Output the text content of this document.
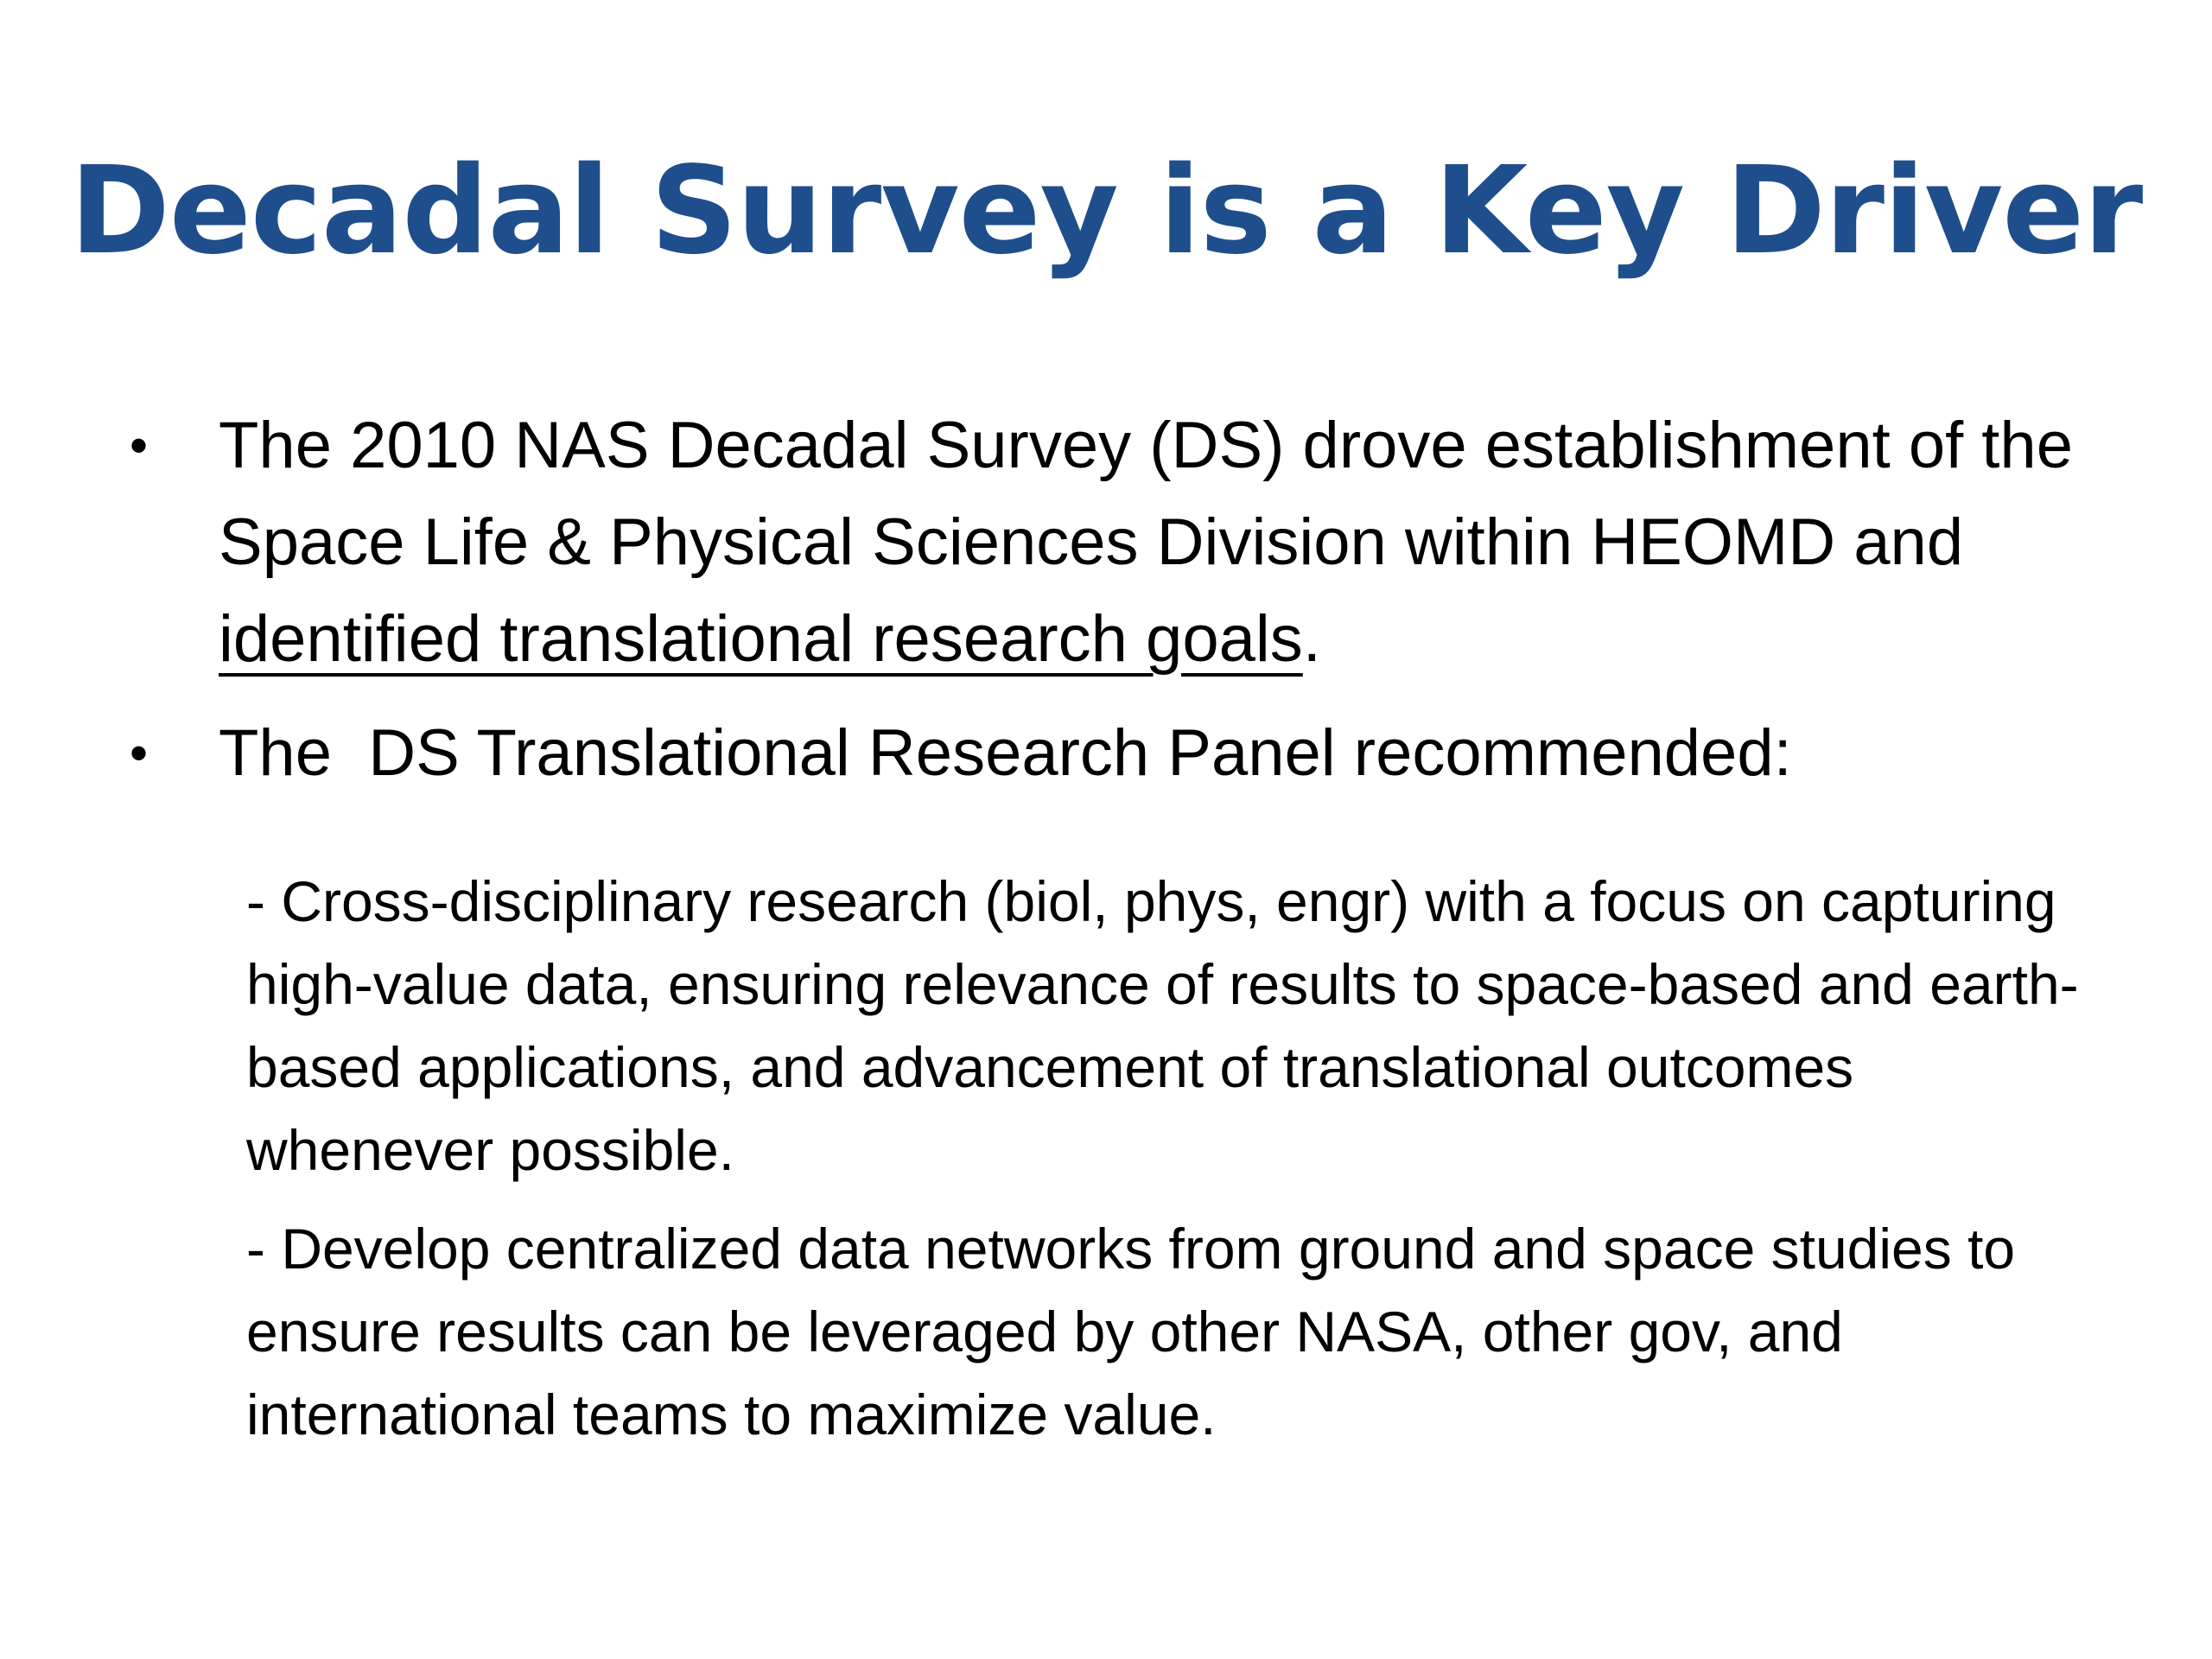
Decadal Survey is a Key Driver
• The 2010 NAS Decadal Survey (DS) drove establishment of the Space Life & Physical Sciences Division within HEOMD and identified translational research goals.
• The  DS Translational Research Panel recommended:

- Cross-disciplinary research (biol, phys, engr) with a focus on capturing high-value data, ensuring relevance of results to space-based and earth-based applications, and advancement of translational outcomes whenever possible.

- Develop centralized data networks from ground and space studies to ensure results can be leveraged by other NASA, other gov, and international teams to maximize value.
